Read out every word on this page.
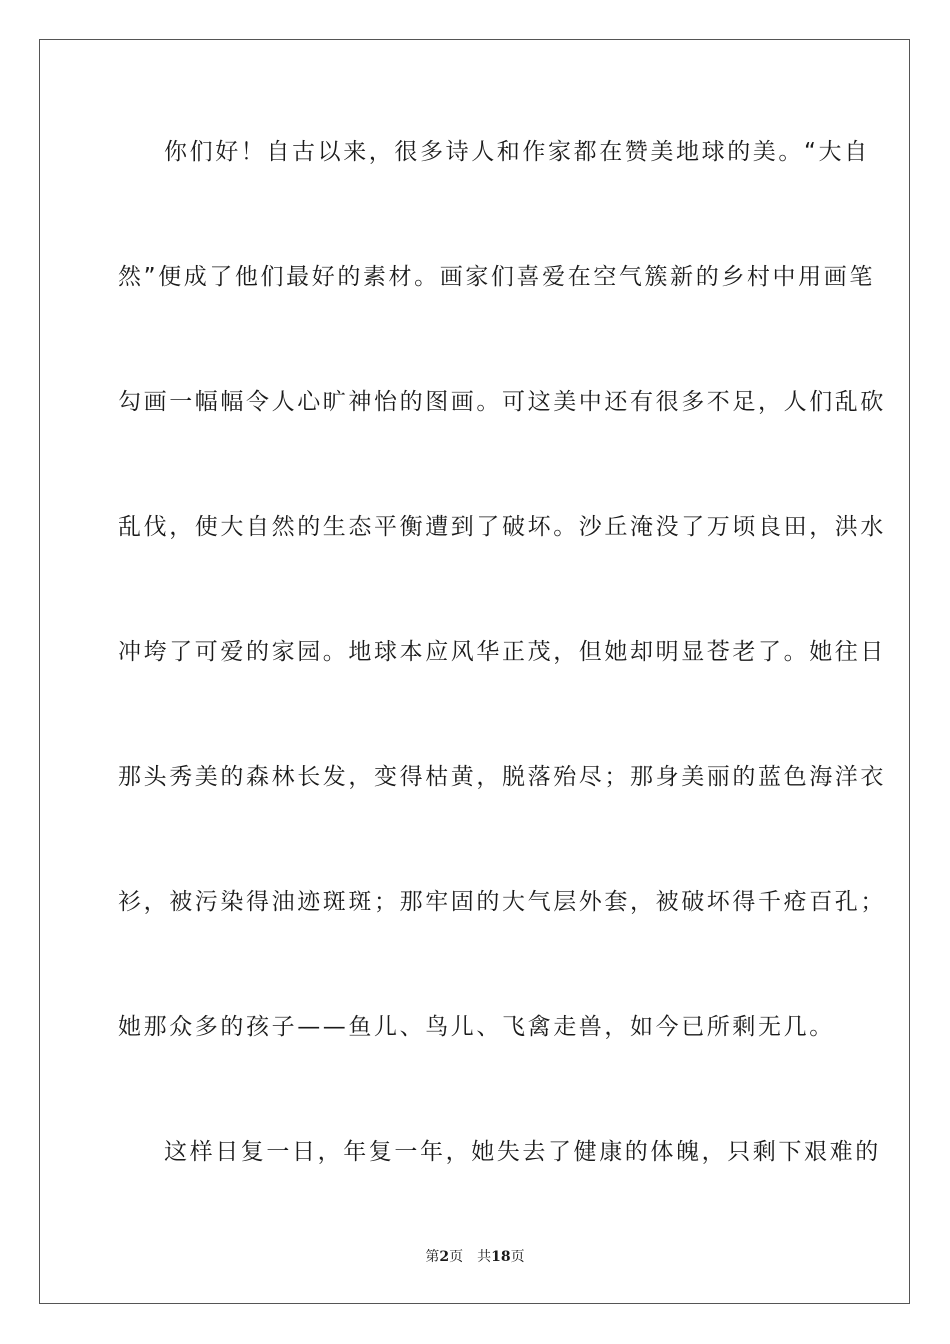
你们好！自古以来，很多诗人和作家都在赞美地球的美。“大自
然”便成了他们最好的素材。画家们喜爱在空气簇新的乡村中用画笔
勾画一幅幅令人心旷神怡的图画。可这美中还有很多不足，人们乱砍
乱伐，使大自然的生态平衡遭到了破坏。沙丘淹没了万顷良田，洪水
冲垮了可爱的家园。地球本应风华正茂，但她却明显苍老了。她往日
那头秀美的森林长发，变得枯黄，脱落殆尽；那身美丽的蓝色海洋衣
衫，被污染得油迹斑斑；那牢固的大气层外套，被破坏得千疮百孔；
她那众多的孩子——鱼儿、鸟儿、飞禽走兽，如今已所剩无几。
这样日复一日，年复一年，她失去了健康的体魄，只剩下艰难的
第2页 共18页
